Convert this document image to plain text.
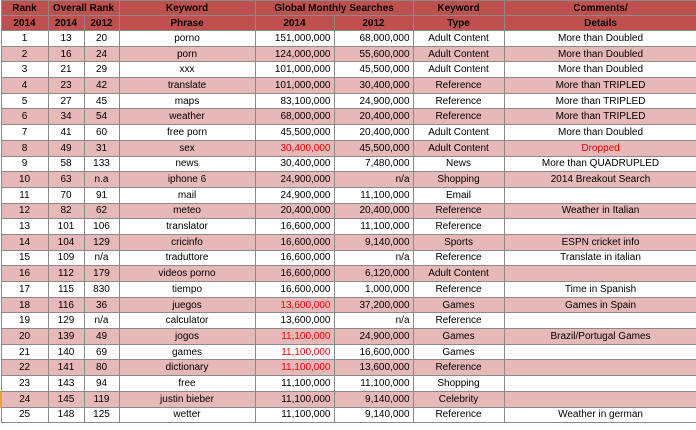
Rank	Overall Rank		Keyword	Global Monthly Searches		Keyword	Comments/
2014	2014	2012	Phrase	2014	2012	Type	Details
1	13	20	porno	151,000,000	68,000,000	Adult Content	More than Doubled
2	16	24	porn	124,000,000	55,600,000	Adult Content	More than Doubled
3	21	29	xxx	101,000,000	45,500,000	Adult Content	More than Doubled
4	23	42	translate	101,000,000	30,400,000	Reference	More than TRIPLED
5	27	45	maps	83,100,000	24,900,000	Reference	More than TRIPLED
6	34	54	weather	68,000,000	20,400,000	Reference	More than TRIPLED
7	41	60	free porn	45,500,000	20,400,000	Adult Content	More than Doubled
8	49	31	sex	30,400,000	45,500,000	Adult Content	Dropped
9	58	133	news	30,400,000	7,480,000	News	More than QUADRUPLED
10	63	n.a	iphone 6	24,900,000	n/a	Shopping	2014 Breakout Search
11	70	91	mail	24,900,000	11,100,000	Email	
12	82	62	meteo	20,400,000	20,400,000	Reference	Weather in Italian
13	101	106	translator	16,600,000	11,100,000	Reference	
14	104	129	cricinfo	16,600,000	9,140,000	Sports	ESPN cricket info
15	109	n/a	traduttore	16,600,000	n/a	Reference	Translate in italian
16	112	179	videos porno	16,600,000	6,120,000	Adult Content	
17	115	830	tiempo	16,600,000	1,000,000	Reference	Time in Spanish
18	116	36	juegos	13,600,000	37,200,000	Games	Games in Spain
19	129	n/a	calculator	13,600,000	n/a	Reference	
20	139	49	jogos	11,100,000	24,900,000	Games	Brazil/Portugal Games
21	140	69	games	11,100,000	16,600,000	Games	
22	141	80	dictionary	11,100,000	13,600,000	Reference	
23	143	94	free	11,100,000	11,100,000	Shopping	
24	145	119	justin bieber	11,100,000	9,140,000	Celebrity	
25	148	125	wetter	11,100,000	9,140,000	Reference	Weather in german
